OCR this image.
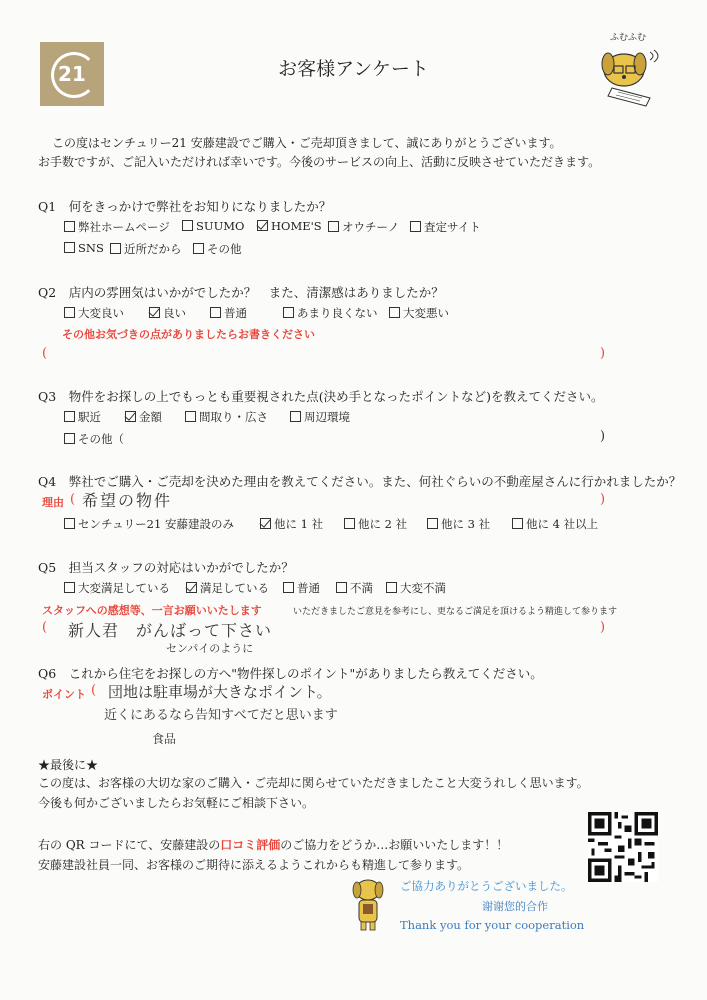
21	お客様アンケート
ふむふむ
この度はセンチュリー21 安藤建設でご購入・ご売却頂きまして、誠にありがとうございます。
お手数ですが、ご記入いただければ幸いです。今後のサービスの向上、活動に反映させていただきます。
Q1　 何をきっかけで弊社をお知りになりましたか？
弊社ホームページ	SUUMO	HOME'S	オウチーノ	査定サイト
SNS	近所だから	その他
Q2　 店内の雰囲気はいかがでしたか？　また、清潔感はありましたか？
大変良い	良い	普通	あまり良くない	大変悪い
その他お気づきの点がありましたらお書きください
(	)
Q3　 物件をお探しの上でもっとも重要視された点(決め手となったポイントなど)を教えてください。
駅近	金額	間取り・広さ	周辺環境
その他（	)
Q4　 弊社でご購入・ご売却を決めた理由を教えてください。また、何社ぐらいの不動産屋さんに行かれましたか？
理由 ( 希望の物件	)
センチュリー21 安藤建設のみ	他に 1 社	他に 2 社	他に 3 社	他に 4 社以上
Q5　 担当スタッフの対応はいかがでしたか？
大変満足している	満足している	普通	不満	大変不満
スタッフへの感想等、一言お願いいたします	いただきましたご意見を参考にし、更なるご満足を頂けるよう精進して参ります
( 新人君　がんばって下さい
センパイのように
)
Q6　 これから住宅をお探しの方へ"物件探しのポイント"がありましたら教えてください。
ポイント ( 団地は駐車場が大きなポイント。
近くにあるなら告知すべてだと思います
食品
★最後に★
この度は、お客様の大切な家のご購入・ご売却に関らせていただきましたこと大変うれしく思います。
今後も何かございましたらお気軽にご相談下さい。
右の QR コードにて、安藤建設の口コミ評価のご協力をどうか…お願いいたします！！
安藤建設社員一同、お客様のご期待に添えるようこれからも精進して参ります。
ご協力ありがとうございました。
谢谢您的合作
Thank you for your cooperation
